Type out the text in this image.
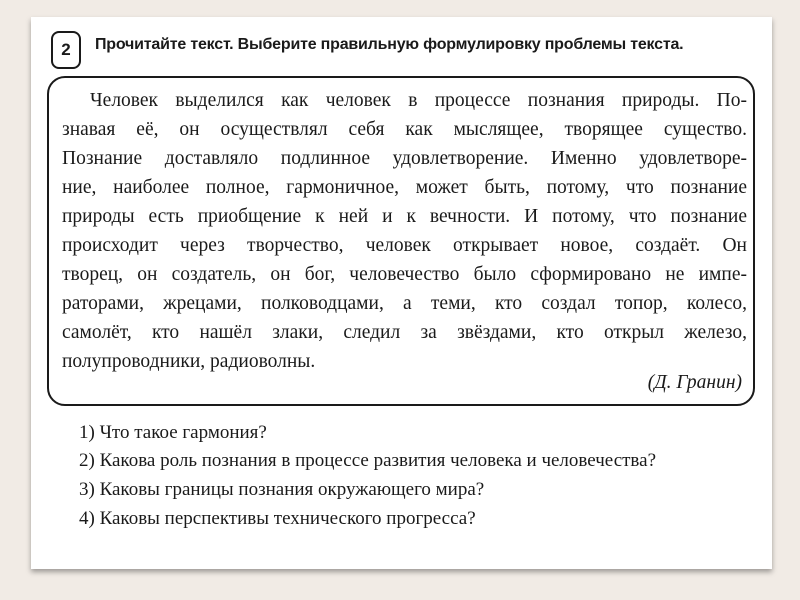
2	Прочитайте текст. Выберите правильную формулировку проблемы текста.
Человек выделился как человек в процессе познания природы. По-
знавая её, он осуществлял себя как мыслящее, творящее существо.
Познание доставляло подлинное удовлетворение. Именно удовлетворе-
ние, наиболее полное, гармоничное, может быть, потому, что познание
природы есть приобщение к ней и к вечности. И потому, что познание
происходит через творчество, человек открывает новое, создаёт. Он
творец, он создатель, он бог, человечество было сформировано не импе-
раторами, жрецами, полководцами, а теми, кто создал топор, колесо,
самолёт, кто нашёл злаки, следил за звёздами, кто открыл железо,
полупроводники, радиоволны.
(Д. Гранин)
1) Что такое гармония?
2) Какова роль познания в процессе развития человека и человечества?
3) Каковы границы познания окружающего мира?
4) Каковы перспективы технического прогресса?
